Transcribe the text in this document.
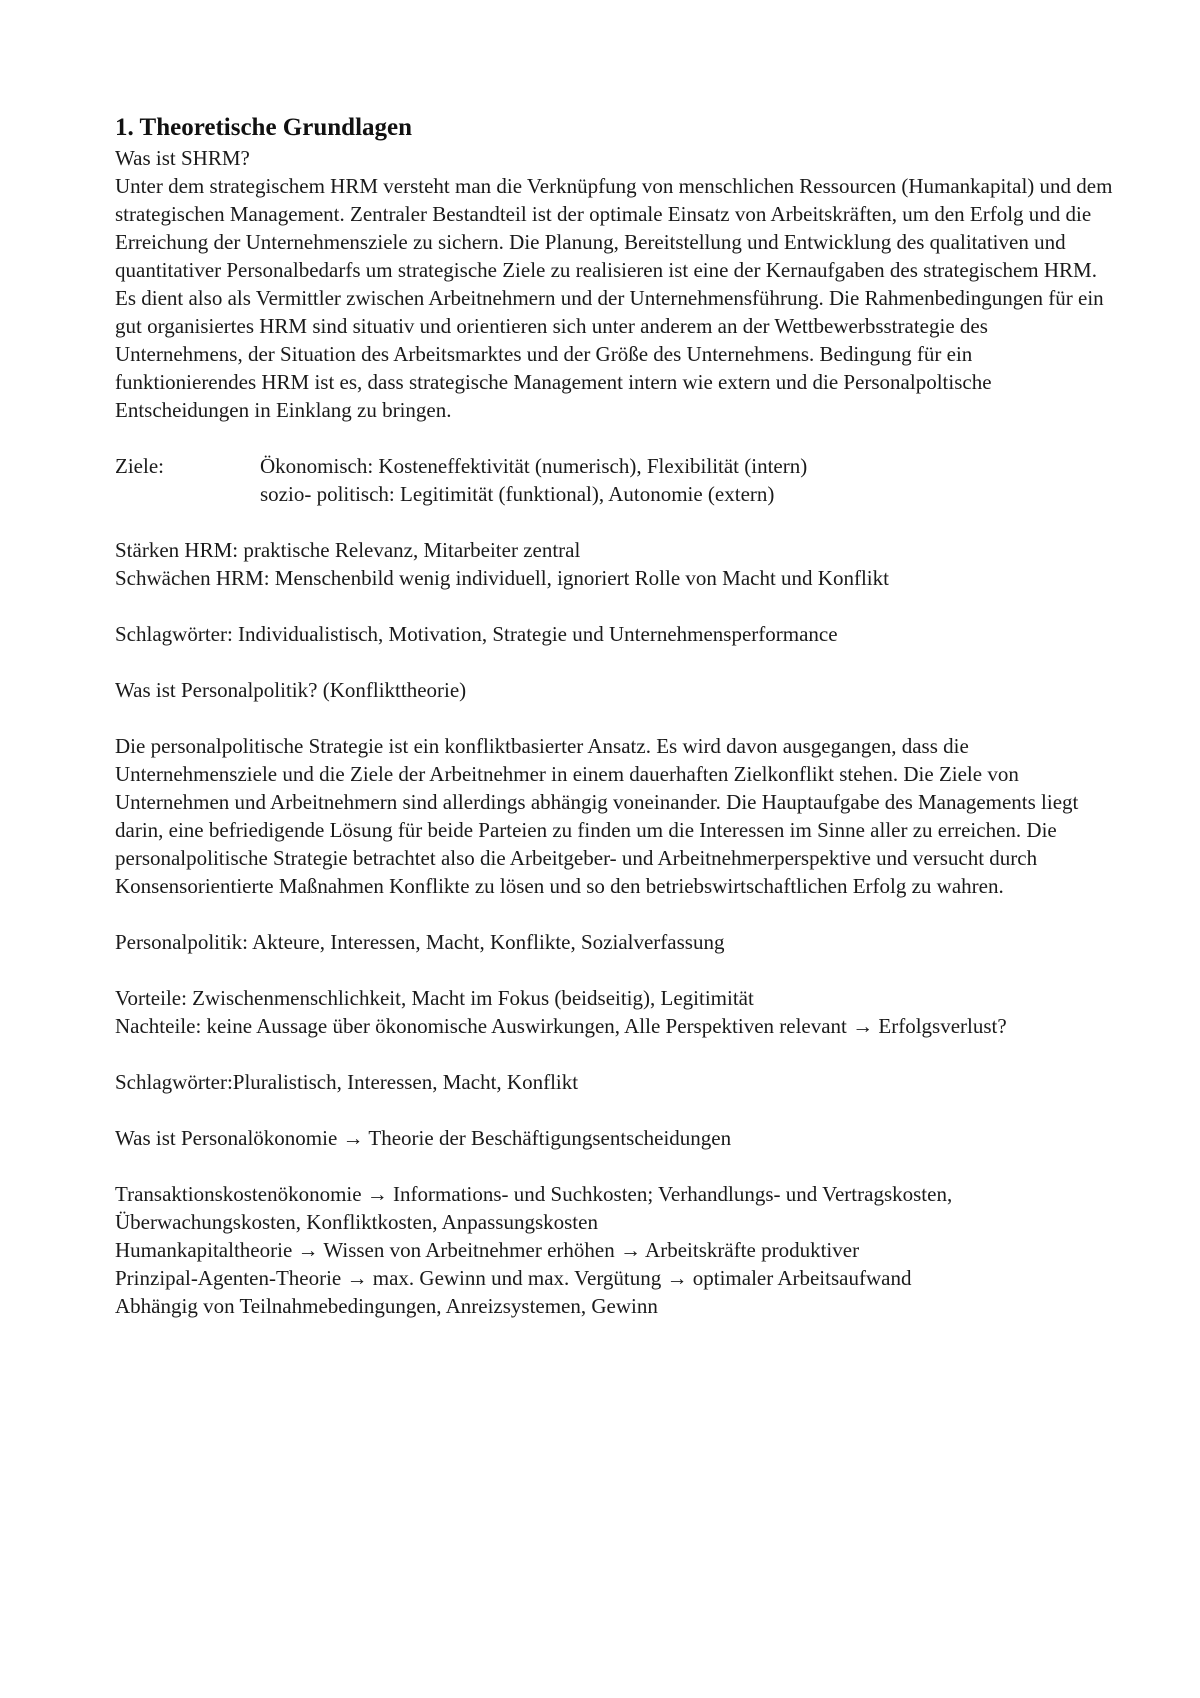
1. Theoretische Grundlagen

Was ist SHRM?

Unter dem strategischem HRM versteht man die Verknüpfung von menschlichen Ressourcen (Humankapital) und dem strategischen Management. Zentraler Bestandteil ist der optimale Einsatz von Arbeitskräften, um den Erfolg und die Erreichung der Unternehmensziele zu sichern. Die Planung, Bereitstellung und Entwicklung des qualitativen und quantitativer Personalbedarfs um strategische Ziele zu realisieren ist eine der Kernaufgaben des strategischem HRM. Es dient also als Vermittler zwischen Arbeitnehmern und der Unternehmensführung. Die Rahmenbedingungen für ein gut organisiertes HRM sind situativ und orientieren sich unter anderem an der Wettbewerbsstrategie des Unternehmens, der Situation des Arbeitsmarktes und der Größe des Unternehmens. Bedingung für ein funktionierendes HRM ist es, dass strategische Management intern wie extern und die Personalpoltische Entscheidungen in Einklang zu bringen.

Ziele:	Ökonomisch: Kosteneffektivität (numerisch), Flexibilität (intern)
sozio- politisch: Legitimität (funktional), Autonomie (extern)

Stärken HRM: praktische Relevanz, Mitarbeiter zentral

Schwächen HRM: Menschenbild wenig individuell, ignoriert Rolle von Macht und Konflikt

Schlagwörter: Individualistisch, Motivation, Strategie und Unternehmensperformance

Was ist Personalpolitik? (Konflikttheorie)

Die personalpolitische Strategie ist ein konfliktbasierter Ansatz. Es wird davon ausgegangen, dass die Unternehmensziele und die Ziele der Arbeitnehmer in einem dauerhaften Zielkonflikt stehen. Die Ziele von Unternehmen und Arbeitnehmern sind allerdings abhängig voneinander. Die Hauptaufgabe des Managements liegt darin, eine befriedigende Lösung für beide Parteien zu finden um die Interessen im Sinne aller zu erreichen. Die personalpolitische Strategie betrachtet also die Arbeitgeber- und Arbeitnehmerperspektive und versucht durch Konsensorientierte Maßnahmen Konflikte zu lösen und so den betriebswirtschaftlichen Erfolg zu wahren.

Personalpolitik: Akteure, Interessen, Macht, Konflikte, Sozialverfassung

Vorteile: Zwischenmenschlichkeit, Macht im Fokus (beidseitig), Legitimität

Nachteile: keine Aussage über ökonomische Auswirkungen, Alle Perspektiven relevant → Erfolgsverlust?

Schlagwörter:Pluralistisch, Interessen, Macht, Konflikt

Was ist Personalökonomie → Theorie der Beschäftigungsentscheidungen

Transaktionskostenökonomie → Informations- und Suchkosten; Verhandlungs- und Vertragskosten, Überwachungskosten, Konfliktkosten, Anpassungskosten

Humankapitaltheorie → Wissen von Arbeitnehmer erhöhen → Arbeitskräfte produktiver

Prinzipal-Agenten-Theorie → max. Gewinn und max. Vergütung → optimaler Arbeitsaufwand

Abhängig von Teilnahmebedingungen, Anreizsystemen, Gewinn
